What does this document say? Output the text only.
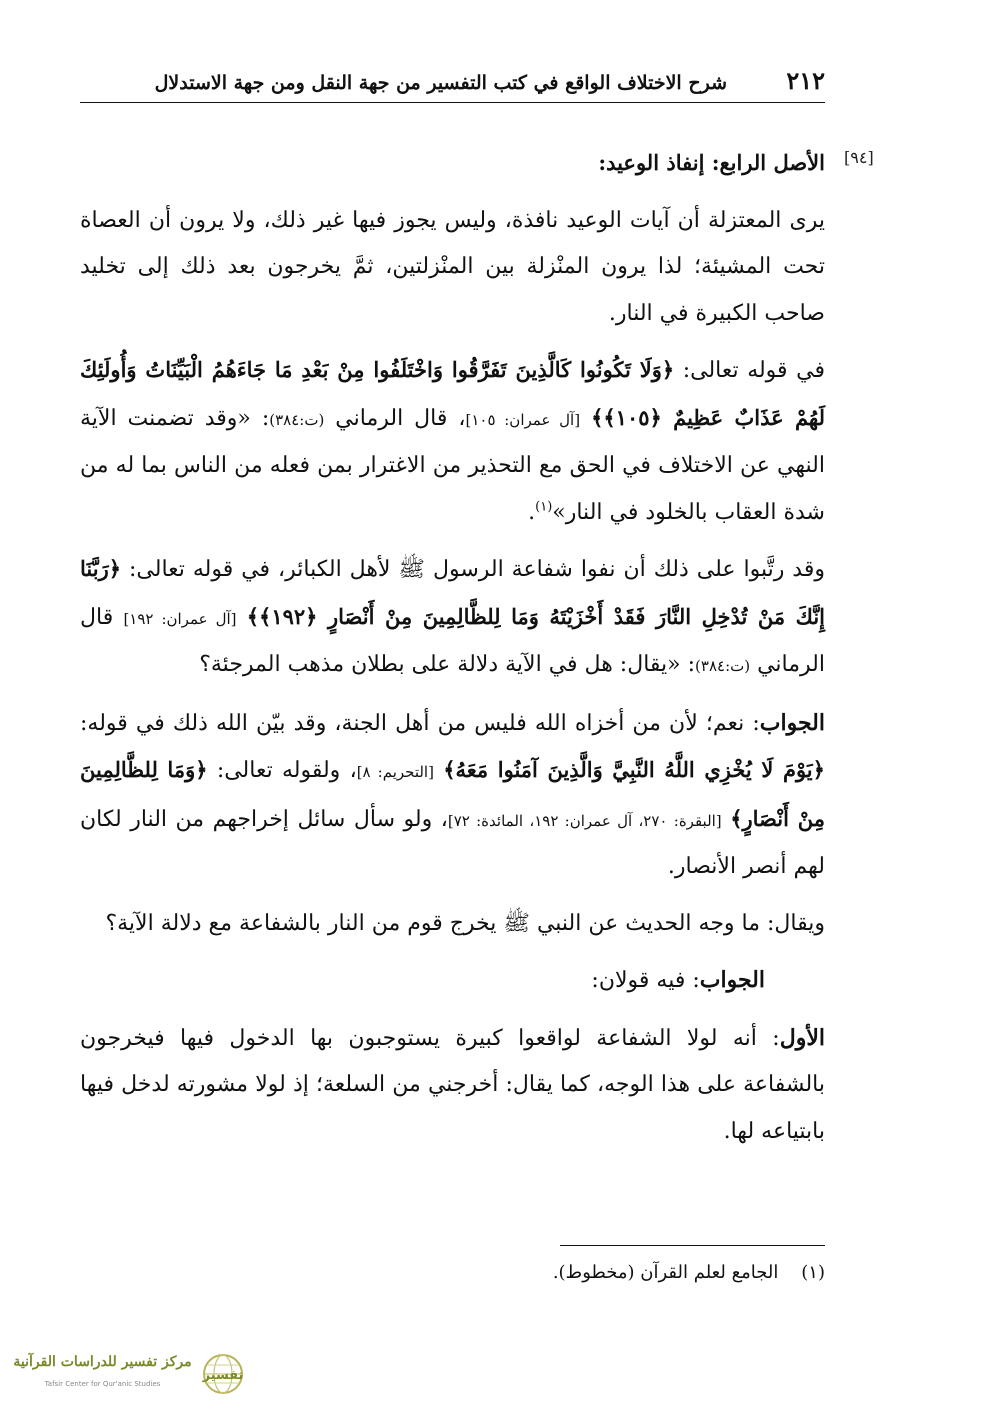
٢١٢
شرح الاختلاف الواقع في كتب التفسير من جهة النقل ومن جهة الاستدلال
[٩٤]

الأصل الرابع: إنفاذ الوعيد:

يرى المعتزلة أن آيات الوعيد نافذة، وليس يجوز فيها غير ذلك، ولا يرون أن العصاة تحت المشيئة؛ لذا يرون المنْزلة بين المنْزلتين، ثمَّ يخرجون بعد ذلك إلى تخليد صاحب الكبيرة في النار.

في قوله تعالى: ﴿وَلَا تَكُونُوا كَالَّذِينَ تَفَرَّقُوا وَاخْتَلَفُوا مِنْ بَعْدِ مَا جَاءَهُمُ الْبَيِّنَاتُ وَأُولَئِكَ لَهُمْ عَذَابٌ عَظِيمٌ ﴿١٠٥﴾﴾ [آل عمران: ١٠٥]، قال الرماني (ت:٣٨٤): «وقد تضمنت الآية النهي عن الاختلاف في الحق مع التحذير من الاغترار بمن فعله من الناس بما له من شدة العقاب بالخلود في النار»$^{(١)}$.

وقد رتَّبوا على ذلك أن نفوا شفاعة الرسول ﷺ لأهل الكبائر، في قوله تعالى: ﴿رَبَّنَا إِنَّكَ مَنْ تُدْخِلِ النَّارَ فَقَدْ أَخْزَيْتَهُ وَمَا لِلظَّالِمِينَ مِنْ أَنْصَارٍ ﴿١٩٢﴾﴾ [آل عمران: ١٩٢] قال الرماني (ت:٣٨٤): «يقال: هل في الآية دلالة على بطلان مذهب المرجئة؟

الجواب: نعم؛ لأن من أخزاه الله فليس من أهل الجنة، وقد بيّن الله ذلك في قوله: ﴿يَوْمَ لَا يُخْزِي اللَّهُ النَّبِيَّ وَالَّذِينَ آمَنُوا مَعَهُ﴾ [التحريم: ٨]، ولقوله تعالى: ﴿وَمَا لِلظَّالِمِينَ مِنْ أَنْصَارٍ﴾ [البقرة: ٢٧٠، آل عمران: ١٩٢، المائدة: ٧٢]، ولو سأل سائل إخراجهم من النار لكان لهم أنصر الأنصار.

ويقال: ما وجه الحديث عن النبي ﷺ يخرج قوم من النار بالشفاعة مع دلالة الآية؟

الجواب: فيه قولان:

الأول: أنه لولا الشفاعة لواقعوا كبيرة يستوجبون بها الدخول فيها فيخرجون بالشفاعة على هذا الوجه، كما يقال: أخرجني من السلعة؛ إذ لولا مشورته لدخل فيها بابتياعه لها.

(١)    الجامع لعلم القرآن (مخطوط).
تفسير
مركز تفسير للدراسات القرآنية
Tafsir Center for Qur'anic Studies
